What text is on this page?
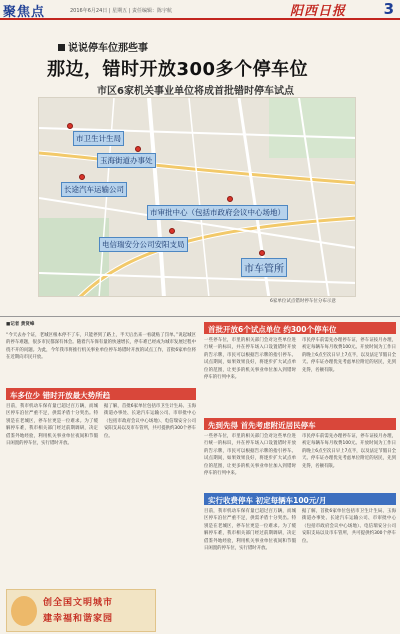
聚焦点	2016年6月24日 | 星期五 | 责任编辑：陈宇航	阳西日报	3
说说停车位那些事
那边，错时开放300多个停车位
市区6家机关事业单位将成首批错时停车试点
市卫生计生局
玉海街道办事处
长途汽车运输公司
市审批中心（包括市政府会议中心场地）
电信瑞安分公司安阳支局
市车管所
6家单位试点错时停车位分布示意
■记者 黄贤峰
“今天去办个证，老城区根本停不了车，只能停到了路上，半天后出来一看就贴了罚单。”说起城区的停车难题，很多市民都深有体会。随着汽车保有量的快速增长，停车难已经成为城市发展过程中绕不开的问题。为此，今年我市将推行机关事业单位停车场错时开放的试点工作，首批6家单位将在近期向市民开放。
车多位少 错时开放最大势所趋
目前，我市机动车保有量已超过百万辆，而城区停车泊位严重不足，供需矛盾十分突出。特别是在老城区，停车位更是一位难求。为了缓解停车难，我市相关部门经过前期调研，决定借鉴外地经验，利用机关事业单位夜间和节假日闲置的停车位，实行错时开放。
据了解，首批6家单位包括市卫生计生局、玉海街道办事处、长途汽车运输公司、市审批中心（包括市政府会议中心场地）、电信瑞安分公司安阳支局以及市车管所，共可提供约300个停车位。
首批开放6个试点单位 约300个停车位
一些停车位，市里的相关部门会对这些单位进行统一的标识，并在停车场入口设置错时开放的告示牌，市民可以根据告示牌的指引停车。试点期间，如果效果良好，将逐步扩大试点单位的范围，让更多的机关事业单位加入到错时停车的行列中来。
市民停车前需先办理停车证，停车证按月办理，初定每辆车每月收费100元。开放时间为工作日的晚上6点至次日早上7点半，以及法定节假日全天。停车证办理优先考虑单位附近的居民，先到先得，名额有限。
先到先得 首先考虑附近居民停车
一些停车位，市里的相关部门会对这些单位进行统一的标识，并在停车场入口设置错时开放的告示牌，市民可以根据告示牌的指引停车。试点期间，如果效果良好，将逐步扩大试点单位的范围，让更多的机关事业单位加入到错时停车的行列中来。
市民停车前需先办理停车证，停车证按月办理，初定每辆车每月收费100元。开放时间为工作日的晚上6点至次日早上7点半，以及法定节假日全天。停车证办理优先考虑单位附近的居民，先到先得，名额有限。
实行收费停车 初定每辆车100元/月
目前，我市机动车保有量已超过百万辆，而城区停车泊位严重不足，供需矛盾十分突出。特别是在老城区，停车位更是一位难求。为了缓解停车难，我市相关部门经过前期调研，决定借鉴外地经验，利用机关事业单位夜间和节假日闲置的停车位，实行错时开放。
据了解，首批6家单位包括市卫生计生局、玉海街道办事处、长途汽车运输公司、市审批中心（包括市政府会议中心场地）、电信瑞安分公司安阳支局以及市车管所，共可提供约300个停车位。
创全国文明城市
建幸福和谐家园
